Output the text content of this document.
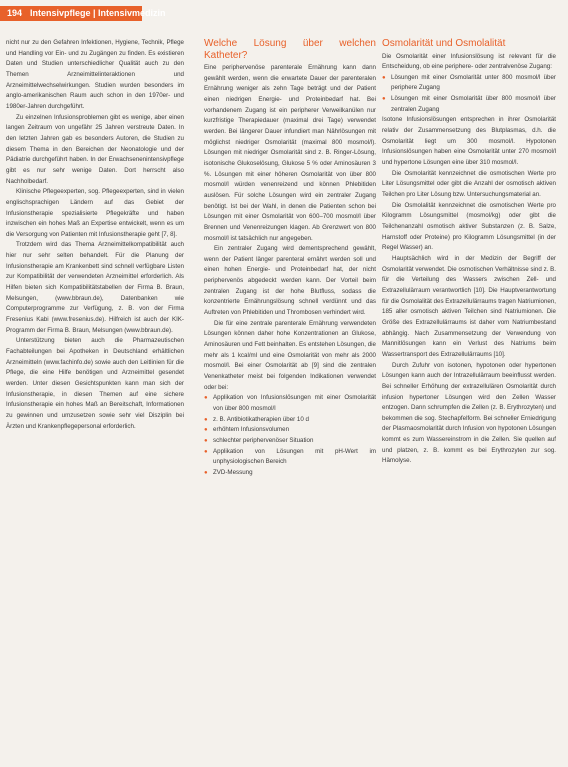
194 Intensivpflege | Intensivmedizin

nicht nur zu den Gefahren Infektionen, Hygiene, Technik, Pflege und Handling vor Ein- und zu Zugängen zu finden. Es existieren Daten und Studien unterschiedlicher Qualität auch zu den Themen Arzneimittelinteraktionen und Arzneimittelwechselwirkungen. Studien wurden besonders im anglo-amerikanischen Raum auch schon in den 1970er- und 1980er-Jahren durchgeführt.

Zu einzelnen Infusionsproblemen gibt es wenige, aber einen langen Zeitraum von ungefähr 25 Jahren verstreute Daten. In den letzten Jahren gab es besonders Autoren, die Studien zu diesem Thema in den Bereichen der Neonatologie und der Pädiatrie durchgeführt haben. In der Erwachsenenintensivpflege gibt es nur sehr wenige Daten. Dort herrscht also Nachholbedarf.

Klinische Pflegeexperten, sog. Pflegeexperten, sind in vielen englischsprachigen Ländern auf das Gebiet der Infusionstherapie spezialisierte Pflegekräfte und haben inzwischen ein hohes Maß an Expertise entwickelt, wenn es um die Versorgung von Patienten mit Infusionstherapie geht [7, 8].

Trotzdem wird das Thema Arzneimittelkompatibilität auch hier nur sehr selten behandelt. Für die Planung der Infusionstherapie am Krankenbett sind schnell verfügbare Listen zur Kompatibilität der verwendeten Arzneimittel erforderlich. Als Hilfen bieten sich Kompatibilitätstabellen der Firma B. Braun, Melsungen, (www.bbraun.de), Datenbanken wie Computerprogramme zur Verfügung, z. B. von der Firma Fresenius Kabi (www.fresenius.de). Hilfreich ist auch der KIK-Programm der Firma B. Braun, Melsungen (www.bbraun.de).

Unterstützung bieten auch die Pharmazeutischen Fachabteilungen bei Apotheken in Deutschland erhältlichen Arzneimitteln (www.fachinfo.de) sowie auch den Leitlinien für die Pflege, die eine Hilfe benötigen und Arzneimittel gesendet werden. Unter diesen Gesichtspunkten kann man sich der Infusionstherapie, in diesen Themen auf eine sichere Infusionstherapie ein hohes Maß an Bereitschaft, Informationen zu gewinnen und umzusetzen sowie sehr viel Disziplin bei Ärzten und Krankenpflegepersonal erforderlich.

Welche Lösung über welchen Katheter?

Eine periphervenöse parenterale Ernährung kann dann gewählt werden, wenn die erwartete Dauer der parenteralen Ernährung weniger als zehn Tage beträgt und der Patient einen niedrigen Energie- und Proteinbedarf hat. Bei vorhandenem Zugang ist ein peripherer Verweilkanülen nur kurzfristige Therapiedauer (maximal drei Tage) verwendet werden. Bei längerer Dauer infundiert man Nährlösungen mit möglichst niedriger Osmolarität (maximal 800 mosmol/l). Lösungen mit niedriger Osmolarität sind z. B. Ringer-Lösung, isotonische Glukoselösung, Glukose 5 % oder Aminosäuren 3 %. Lösungen mit einer höheren Osmolarität von über 800 mosmol/l würden venenreizend und können Phlebitiden auslösen. Für solche Lösungen wird ein zentraler Zugang benötigt. Ist bei der Wahl, in denen die Patienten schon bei Lösungen mit einer Osmolarität von 600–700 mosmol/l über Brennen und Venenreizungen klagen. Ab Grenzwert von 800 mosmol/l ist tatsächlich nur angegeben.

Ein zentraler Zugang wird dementsprechend gewählt, wenn der Patient länger parenteral ernährt werden soll und einen hohen Energie- und Proteinbedarf hat, der nicht periphervenös abgedeckt werden kann. Der Vorteil beim zentralen Zugang ist der hohe Blutfluss, sodass die konzentrierte Ernährungslösung schnell verdünnt und das Auftreten von Phlebitiden und Thrombosen verhindert wird.

Die für eine zentrale parenterale Ernährung verwendeten Lösungen können daher hohe Konzentrationen an Glukose, Aminosäuren und Fett beinhalten. Es entstehen Lösungen, die mehr als 1 kcal/ml und eine Osmolarität von mehr als 2000 mosmol/l. Bei einer Osmolarität ab [9] sind die zentralen Venenkatheter meist bei folgenden Indikationen verwendet oder bei:

● Applikation von Infusionslösungen mit einer Osmolarität von über 800 mosmol/l
● z. B. Antibiotikatherapien über 10 d
● erhöhtem Infusionsvolumen
● schlechter periphervenöser Situation
● Applikation von Lösungen mit pH-Wert im unphysiologischen Bereich
● ZVD-Messung
Osmolarität und Osmolalität

Die Osmolarität einer Infusionslösung ist relevant für die Entscheidung, ob eine periphere- oder zentralvenöse Zugang:

● Lösungen mit einer Osmolarität unter 800 mosmol/l über periphere Zugang
● Lösungen mit einer Osmolarität über 800 mosmol/l über zentralen Zugang

Isotone Infusionslösungen entsprechen in ihrer Osmolarität relativ der Zusammensetzung des Blutplasmas, d.h. die Osmolarität liegt um 300 mosmol/l. Hypotonen Infusionslösungen haben eine Osmolarität unter 270 mosmol/l und hypertone Lösungen eine über 310 mosmol/l.

Die Osmolarität kennzeichnet die osmotischen Werte pro Liter Lösungsmittel oder gibt die Anzahl der osmotisch aktiven Teilchen pro Liter Lösung bzw. Untersuchungsmaterial an.

Die Osmolalität kennzeichnet die osmotischen Werte pro Kilogramm Lösungsmittel (mosmol/kg) oder gibt die Teilchenanzahl osmotisch aktiver Substanzen (z. B. Salze, Harnstoff oder Proteine) pro Kilogramm Lösungsmittel (in der Regel Wasser) an.

Hauptsächlich wird in der Medizin der Begriff der Osmolarität verwendet. Die osmotischen Verhältnisse sind z. B. für die Verteilung des Wassers zwischen Zell- und Extrazellulärraum verantwortlich [10]. Die Hauptverantwortung für die Osmolalität des Extrazellulärraums tragen Natriumionen, 185 aller osmotisch aktiven Teilchen sind Natriumionen. Die Größe des Extrazellulärraums ist daher vom Natriumbestand abhängig. Nach Zusammensetzung der Verwendung von Mannitlösungen kann ein Verlust des Natriums beim Wassertransport des Extrazellulärraums [10].

Durch Zufuhr von isotonen, hypotonen oder hypertonen Lösungen kann auch der Intrazellulärraum beeinflusst werden. Bei schneller Erhöhung der extrazellulären Osmolarität durch infusion hypertoner Lösungen wird den Zellen Wasser entzogen. Dann schrumpfen die Zellen (z. B. Erythrozyten) und bekommen die sog. Stechapfelform. Bei schneller Erniedrigung der Plasmaosmolarität durch Infusion von hypotonen Lösungen kommt es zum Wassereinstrom in die Zellen. Sie quellen auf und platzen, z. B. kommt es bei Erythrozyten zur sog. Hämolyse.
